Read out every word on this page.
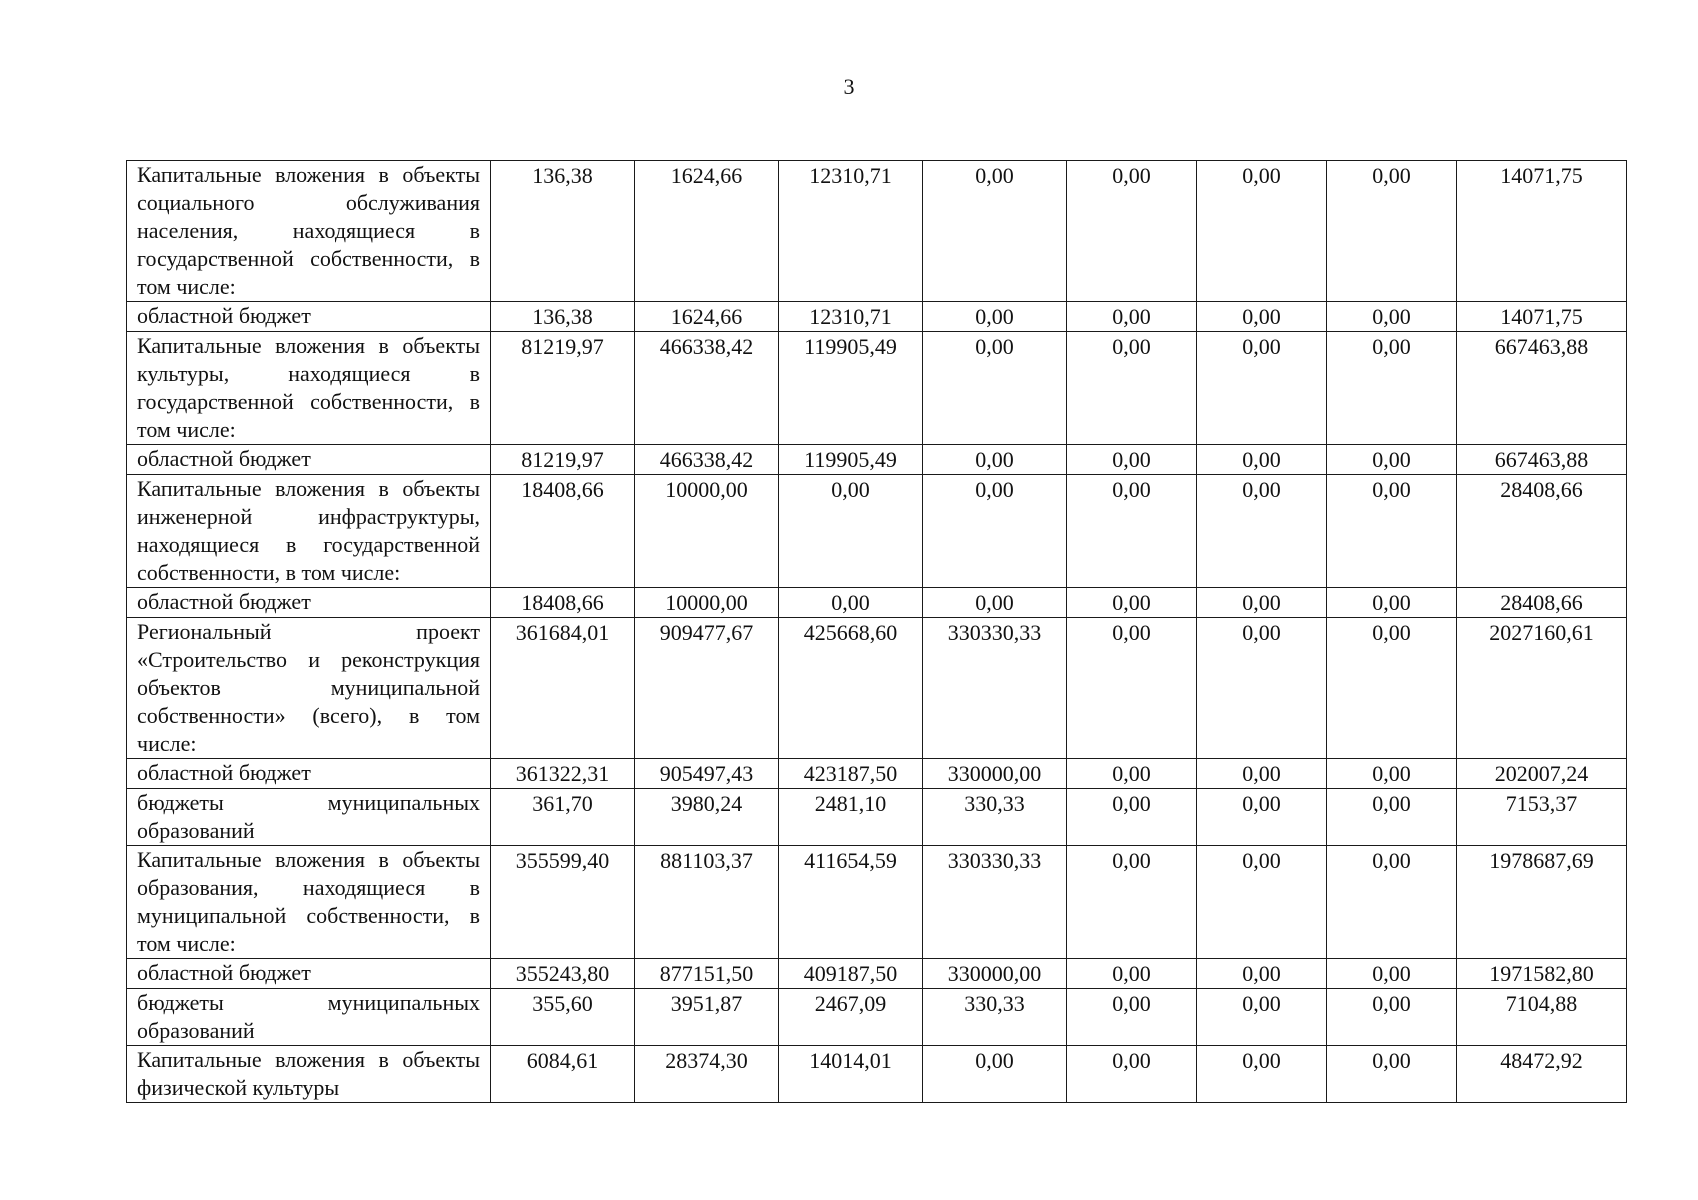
3
Капитальные вложения в объекты социального обслуживания населения, находящиеся в государственной собственности, в том числе:	136,38	1624,66	12310,71	0,00	0,00	0,00	0,00	14071,75
областной бюджет	136,38	1624,66	12310,71	0,00	0,00	0,00	0,00	14071,75
Капитальные вложения в объекты культуры, находящиеся в государственной собственности, в том числе:	81219,97	466338,42	119905,49	0,00	0,00	0,00	0,00	667463,88
областной бюджет	81219,97	466338,42	119905,49	0,00	0,00	0,00	0,00	667463,88
Капитальные вложения в объекты инженерной инфраструктуры, находящиеся в государственной собственности, в том числе:	18408,66	10000,00	0,00	0,00	0,00	0,00	0,00	28408,66
областной бюджет	18408,66	10000,00	0,00	0,00	0,00	0,00	0,00	28408,66
Региональный проект «Строительство и реконструкция объектов муниципальной собственности» (всего), в том числе:	361684,01	909477,67	425668,60	330330,33	0,00	0,00	0,00	2027160,61
областной бюджет	361322,31	905497,43	423187,50	330000,00	0,00	0,00	0,00	202007,24
бюджеты муниципальных образований	361,70	3980,24	2481,10	330,33	0,00	0,00	0,00	7153,37
Капитальные вложения в объекты образования, находящиеся в муниципальной собственности, в том числе:	355599,40	881103,37	411654,59	330330,33	0,00	0,00	0,00	1978687,69
областной бюджет	355243,80	877151,50	409187,50	330000,00	0,00	0,00	0,00	1971582,80
бюджеты муниципальных образований	355,60	3951,87	2467,09	330,33	0,00	0,00	0,00	7104,88
Капитальные вложения в объекты физической культуры	6084,61	28374,30	14014,01	0,00	0,00	0,00	0,00	48472,92
